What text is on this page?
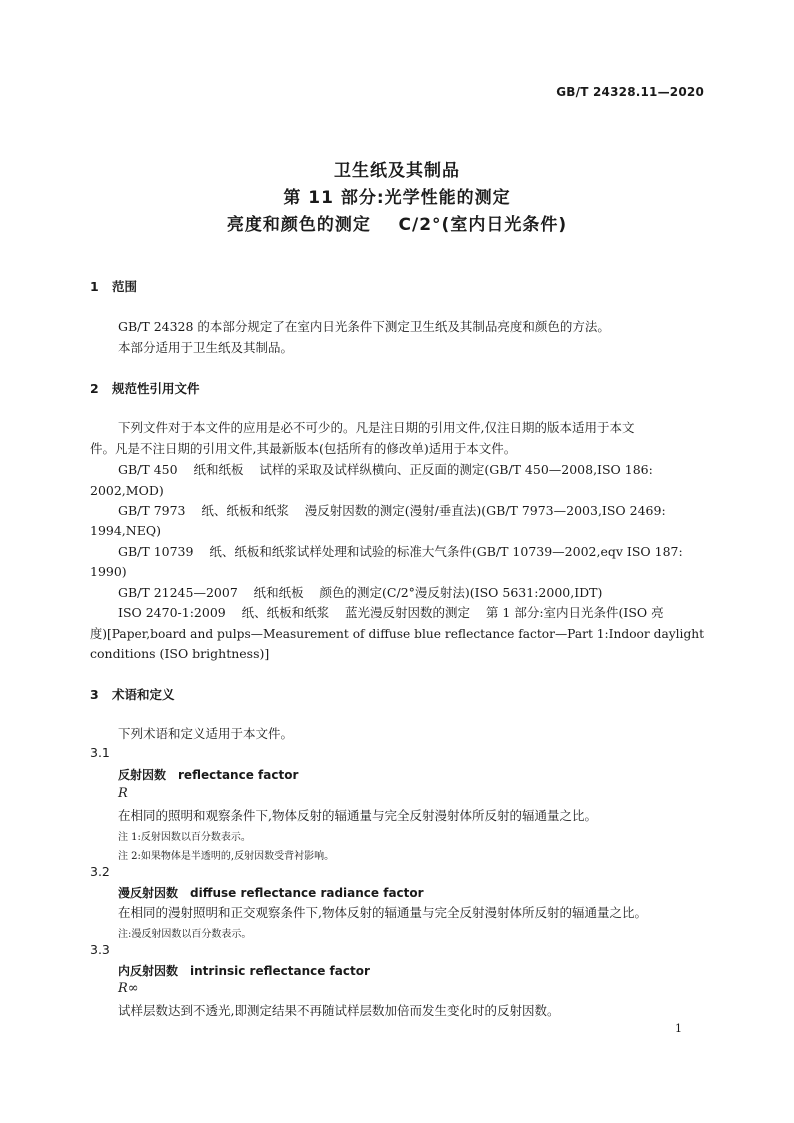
GB/T 24328.11—2020
卫生纸及其制品
第 11 部分:光学性能的测定
亮度和颜色的测定    C/2°(室内日光条件)
1 范围
GB/T 24328 的本部分规定了在室内日光条件下测定卫生纸及其制品亮度和颜色的方法。
本部分适用于卫生纸及其制品。
2 规范性引用文件
下列文件对于本文件的应用是必不可少的。凡是注日期的引用文件,仅注日期的版本适用于本文
件。凡是不注日期的引用文件,其最新版本(包括所有的修改单)适用于本文件。
GB/T 450    纸和纸板    试样的采取及试样纵横向、正反面的测定(GB/T 450—2008,ISO 186:
2002,MOD)
GB/T 7973    纸、纸板和纸浆    漫反射因数的测定(漫射/垂直法)(GB/T 7973—2003,ISO 2469:
1994,NEQ)
GB/T 10739    纸、纸板和纸浆试样处理和试验的标准大气条件(GB/T 10739—2002,eqv ISO 187:
1990)
GB/T 21245—2007    纸和纸板    颜色的测定(C/2°漫反射法)(ISO 5631:2000,IDT)
ISO 2470-1:2009    纸、纸板和纸浆    蓝光漫反射因数的测定    第 1 部分:室内日光条件(ISO 亮
度)[Paper,board and pulps—Measurement of diffuse blue reflectance factor—Part 1:Indoor daylight
conditions (ISO brightness)]
3 术语和定义
下列术语和定义适用于本文件。
3.1
反射因数 reflectance factor
R
在相同的照明和观察条件下,物体反射的辐通量与完全反射漫射体所反射的辐通量之比。
注 1:反射因数以百分数表示。
注 2:如果物体是半透明的,反射因数受背衬影响。
3.2
漫反射因数 diffuse reflectance radiance factor
在相同的漫射照明和正交观察条件下,物体反射的辐通量与完全反射漫射体所反射的辐通量之比。
注:漫反射因数以百分数表示。
3.3
内反射因数 intrinsic reflectance factor
R∞
试样层数达到不透光,即测定结果不再随试样层数加倍而发生变化时的反射因数。
1
